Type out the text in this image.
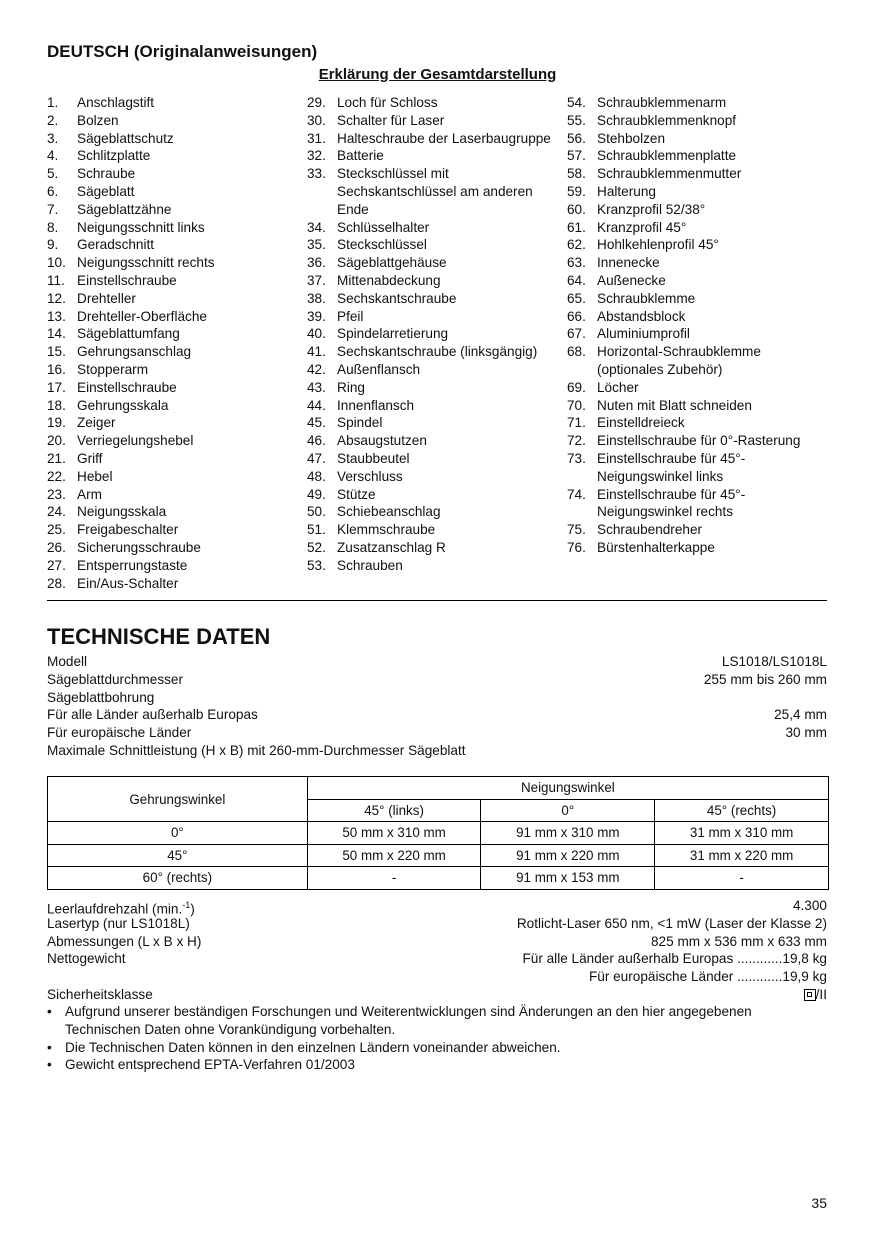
DEUTSCH (Originalanweisungen)
Erklärung der Gesamtdarstellung
1.	Anschlagstift
2.	Bolzen
3.	Sägeblattschutz
4.	Schlitzplatte
5.	Schraube
6.	Sägeblatt
7.	Sägeblattzähne
8.	Neigungsschnitt links
9.	Geradschnitt
10. Neigungsschnitt rechts
11. Einstellschraube
12. Drehteller
13. Drehteller-Oberfläche
14. Sägeblattumfang
15. Gehrungsanschlag
16. Stopperarm
17. Einstellschraube
18. Gehrungsskala
19. Zeiger
20. Verriegelungshebel
21. Griff
22. Hebel
23. Arm
24. Neigungsskala
25. Freigabeschalter
26. Sicherungsschraube
27. Entsperrungstaste
28. Ein/Aus-Schalter
29. Loch für Schloss
30. Schalter für Laser
31. Halteschraube der Laserbaugruppe
32. Batterie
33. Steckschlüssel mit Sechskantschlüssel am anderen Ende
34. Schlüsselhalter
35. Steckschlüssel
36. Sägeblattgehäuse
37. Mittenabdeckung
38. Sechskantschraube
39. Pfeil
40. Spindelarretierung
41. Sechskantschraube (linksgängig)
42. Außenflansch
43. Ring
44. Innenflansch
45. Spindel
46. Absaugstutzen
47. Staubbeutel
48. Verschluss
49. Stütze
50. Schiebeanschlag
51. Klemmschraube
52. Zusatzanschlag R
53. Schrauben
54. Schraubklemmenarm
55. Schraubklemmenknopf
56. Stehbolzen
57. Schraubklemmenplatte
58. Schraubklemmenmutter
59. Halterung
60. Kranzprofil 52/38°
61. Kranzprofil 45°
62. Hohlkehlenprofil 45°
63. Innenecke
64. Außenecke
65. Schraubklemme
66. Abstandsblock
67. Aluminiumprofil
68. Horizontal-Schraubklemme (optionales Zubehör)
69. Löcher
70. Nuten mit Blatt schneiden
71. Einstelldreieck
72. Einstellschraube für 0°-Rasterung
73. Einstellschraube für 45°-Neigungswinkel links
74. Einstellschraube für 45°-Neigungswinkel rechts
75. Schraubendreher
76. Bürstenhalterkappe
TECHNISCHE DATEN
Modell	LS1018/LS1018L
Sägeblattdurchmesser	255 mm bis 260 mm
Sägeblattbohrung
Für alle Länder außerhalb Europas	25,4 mm
Für europäische Länder	30 mm
Maximale Schnittleistung (H x B) mit 260-mm-Durchmesser Sägeblatt
Gehrungswinkel	Neigungswinkel		
	45° (links)	0°	45° (rechts)
0°	50 mm x 310 mm	91 mm x 310 mm	31 mm x 310 mm
45°	50 mm x 220 mm	91 mm x 220 mm	31 mm x 220 mm
60° (rechts)	-	91 mm x 153 mm	-
Leerlaufdrehzahl (min.$^{-1}$)	4.300
Lasertyp (nur LS1018L)	Rotlicht-Laser 650 nm, <1 mW (Laser der Klasse 2)
Abmessungen (L x B x H)	825 mm x 536 mm x 633 mm
Nettogewicht	Für alle Länder außerhalb Europas ............19,8 kg
Für europäische Länder ............19,9 kg
Sicherheitsklasse	/II
• Aufgrund unserer beständigen Forschungen und Weiterentwicklungen sind Änderungen an den hier angegebenen Technischen Daten ohne Vorankündigung vorbehalten.
• Die Technischen Daten können in den einzelnen Ländern voneinander abweichen.
• Gewicht entsprechend EPTA-Verfahren 01/2003
35
